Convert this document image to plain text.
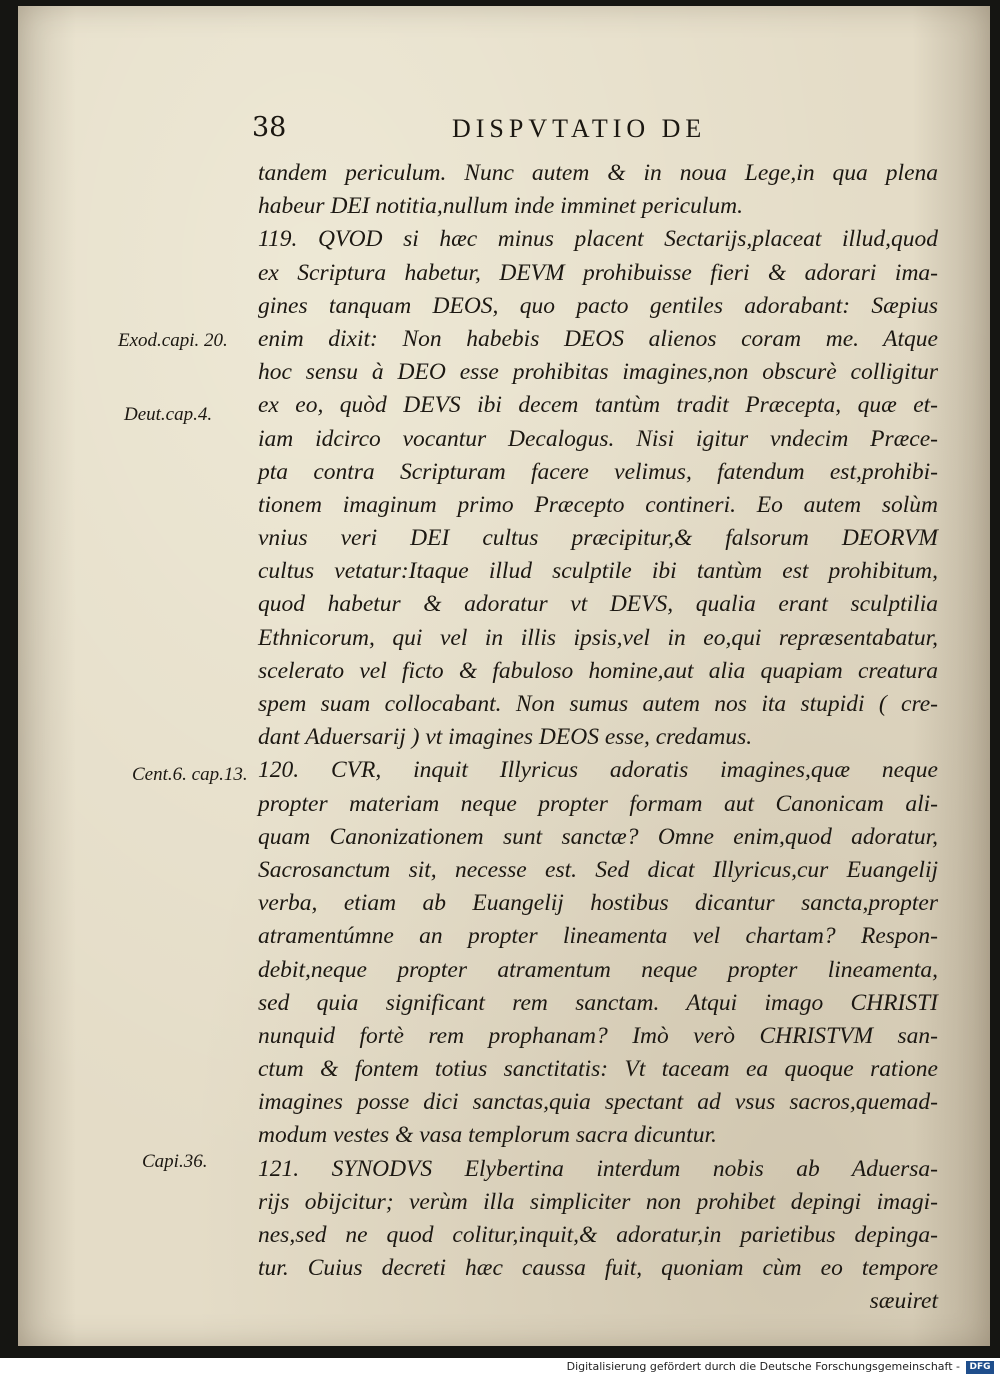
38	DISPVTATIO DE
Exod.capi. 20.
Deut.cap.4.
Cent.6. cap.13.
Capi.36.
tandem periculum. Nunc autem & in noua Lege,in qua plena
habeur DEI notitia,nullum inde imminet periculum.
119. QVOD si hæc minus placent Sectarijs,placeat illud,quod
ex Scriptura habetur, DEVM prohibuisse fieri & adorari ima-
gines tanquam DEOS, quo pacto gentiles adorabant: Sæpius
enim dixit: Non habebis DEOS alienos coram me. Atque
hoc sensu à DEO esse prohibitas imagines,non obscurè colligitur
ex eo, quòd DEVS ibi decem tantùm tradit Præcepta, quæ et-
iam idcirco vocantur Decalogus. Nisi igitur vndecim Præce-
pta contra Scripturam facere velimus, fatendum est,prohibi-
tionem imaginum primo Præcepto contineri. Eo autem solùm
vnius veri DEI cultus præcipitur,& falsorum DEORVM
cultus vetatur:Itaque illud sculptile ibi tantùm est prohibitum,
quod habetur & adoratur vt DEVS, qualia erant sculptilia
Ethnicorum, qui vel in illis ipsis,vel in eo,qui repræsentabatur,
scelerato vel ficto & fabuloso homine,aut alia quapiam creatura
spem suam collocabant. Non sumus autem nos ita stupidi ( cre-
dant Aduersarij ) vt imagines DEOS esse, credamus.
120. CVR, inquit Illyricus adoratis imagines,quæ neque
propter materiam neque propter formam aut Canonicam ali-
quam Canonizationem sunt sanctæ? Omne enim,quod adoratur,
Sacrosanctum sit, necesse est. Sed dicat Illyricus,cur Euangelij
verba, etiam ab Euangelij hostibus dicantur sancta,propter
atramentúmne an propter lineamenta vel chartam? Respon-
debit,neque propter atramentum neque propter lineamenta,
sed quia significant rem sanctam. Atqui imago CHRISTI
nunquid fortè rem prophanam? Imò verò CHRISTVM san-
ctum & fontem totius sanctitatis: Vt taceam ea quoque ratione
imagines posse dici sanctas,quia spectant ad vsus sacros,quemad-
modum vestes & vasa templorum sacra dicuntur.
121. SYNODVS Elybertina interdum nobis ab Aduersa-
rijs obijcitur; verùm illa simpliciter non prohibet depingi imagi-
nes,sed ne quod colitur,inquit,& adoratur,in parietibus depinga-
tur. Cuius decreti hæc caussa fuit, quoniam cùm eo tempore
sæuiret
Digitalisierung gefördert durch die Deutsche Forschungsgemeinschaft -	DFG
